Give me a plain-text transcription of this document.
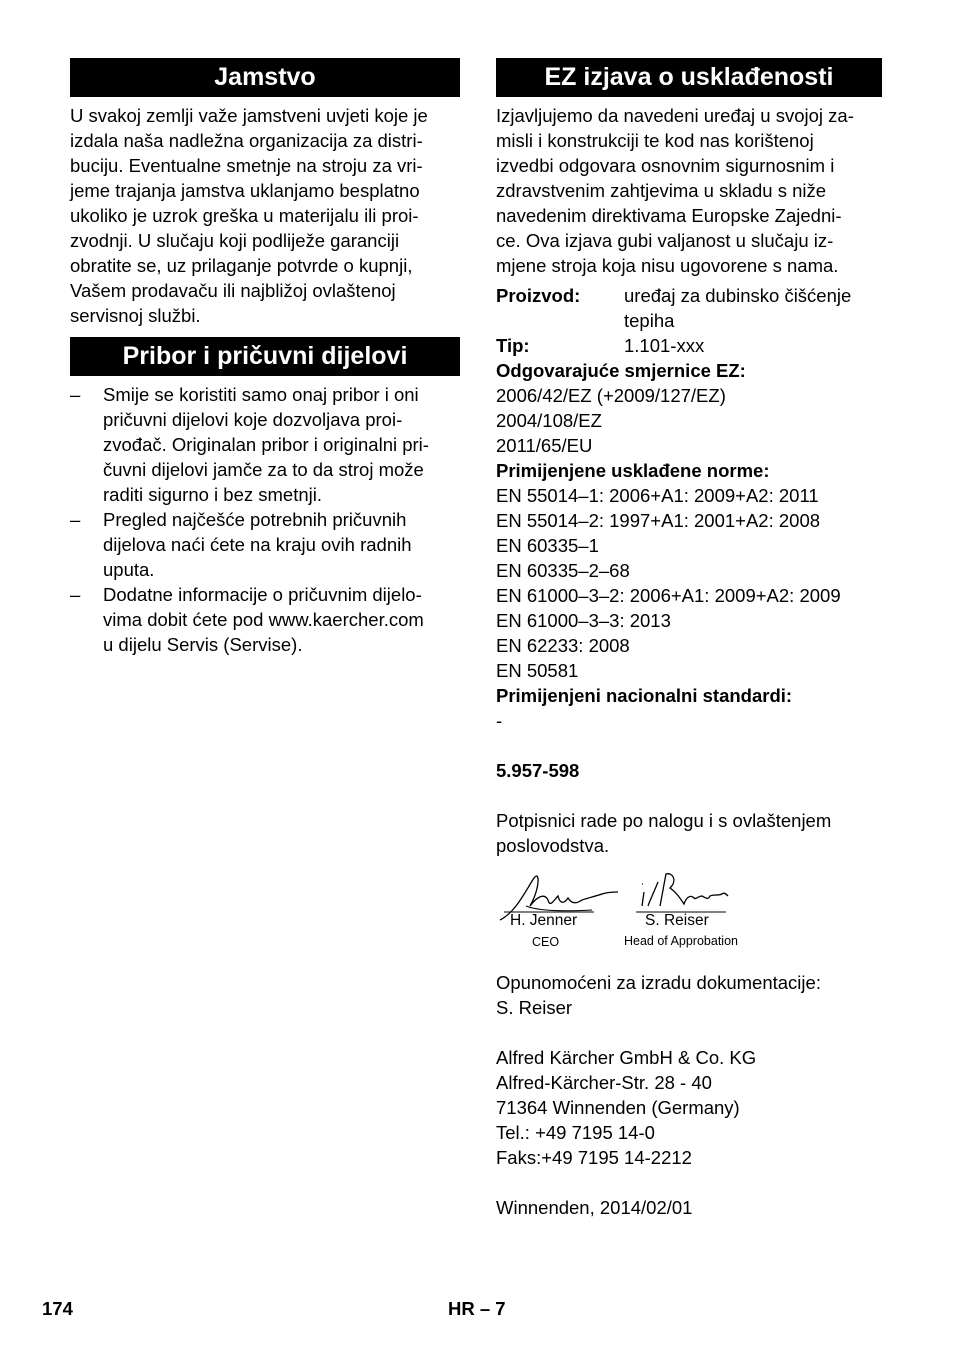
Jamstvo
U svakoj zemlji važe jamstveni uvjeti koje je
izdala naša nadležna organizacija za distri-
buciju. Eventualne smetnje na stroju za vri-
jeme trajanja jamstva uklanjamo besplatno
ukoliko je uzrok greška u materijalu ili proi-
zvodnji. U slučaju koji podliježe garanciji
obratite se, uz prilaganje potvrde o kupnji,
Vašem prodavaču ili najbližoj ovlaštenoj
servisnoj službi.
Pribor i pričuvni dijelovi
– Smije se koristiti samo onaj pribor i oni
pričuvni dijelovi koje dozvoljava proi-
zvođač. Originalan pribor i originalni pri-
čuvni dijelovi jamče za to da stroj može
raditi sigurno i bez smetnji.
– Pregled najčešće potrebnih pričuvnih
dijelova naći ćete na kraju ovih radnih
uputa.
– Dodatne informacije o pričuvnim dijelo-
vima dobit ćete pod www.kaercher.com
u dijelu Servis (Servise).
EZ izjava o usklađenosti
Izjavljujemo da navedeni uređaj u svojoj za-
misli i konstrukciji te kod nas korištenoj
izvedbi odgovara osnovnim sigurnosnim i
zdravstvenim zahtjevima u skladu s niže
navedenim direktivama Europske Zajedni-
ce. Ova izjava gubi valjanost u slučaju iz-
mjene stroja koja nisu ugovorene s nama.
Proizvod:	uređaj za dubinsko čišćenje
tepiha
Tip:	1.101-xxx
Odgovarajuće smjernice EZ:
2006/42/EZ (+2009/127/EZ)
2004/108/EZ
2011/65/EU
Primijenjene usklađene norme:
EN 55014–1: 2006+A1: 2009+A2: 2011
EN 55014–2: 1997+A1: 2001+A2: 2008
EN 60335–1
EN 60335–2–68
EN 61000–3–2: 2006+A1: 2009+A2: 2009
EN 61000–3–3: 2013
EN 62233: 2008
EN 50581
Primijenjeni nacionalni standardi:
-
5.957-598
Potpisnici rade po nalogu i s ovlaštenjem
poslovodstva.
H. Jenner
CEO
S. Reiser
Head of Approbation
Opunomoćeni za izradu dokumentacije:
S. Reiser
Alfred Kärcher GmbH & Co. KG
Alfred-Kärcher-Str. 28 - 40
71364 Winnenden (Germany)
Tel.: +49 7195 14-0
Faks:+49 7195 14-2212
Winnenden, 2014/02/01
174	HR – 7
